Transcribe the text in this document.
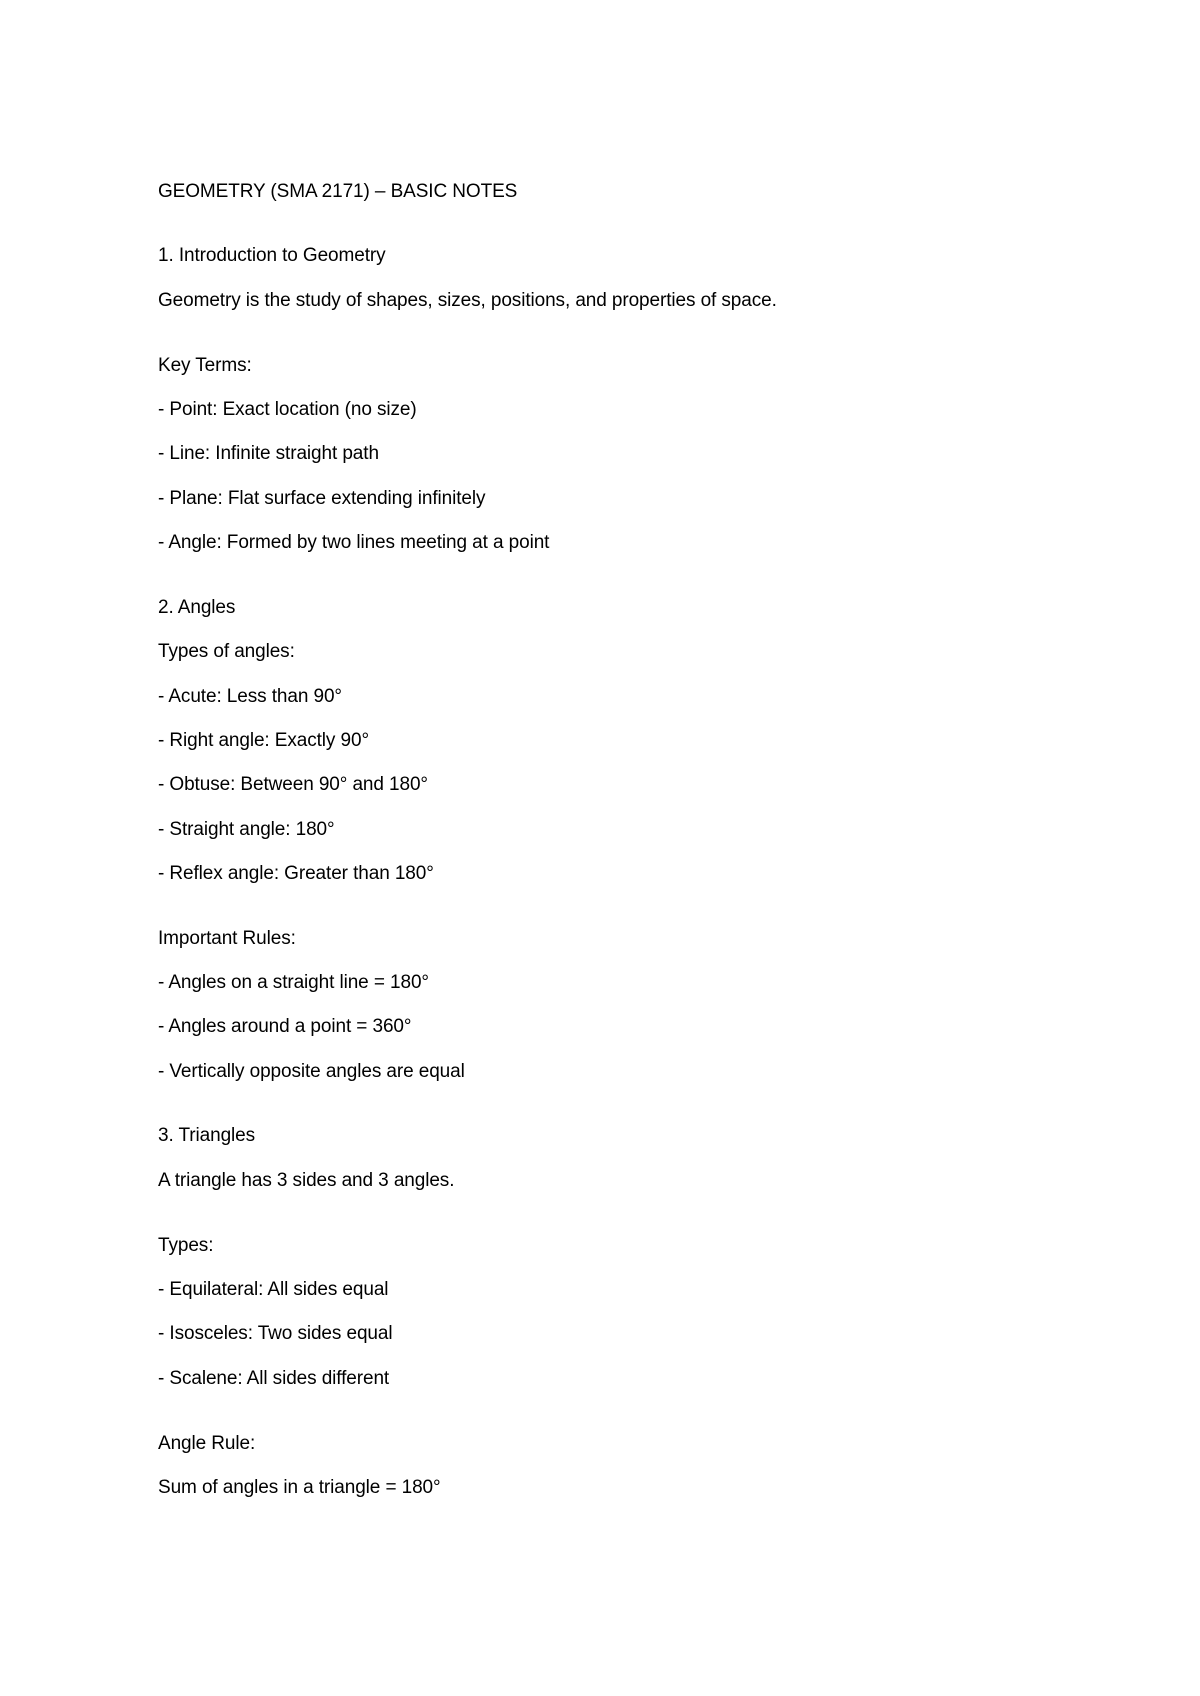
GEOMETRY (SMA 2171) – BASIC NOTES
1. Introduction to Geometry
Geometry is the study of shapes, sizes, positions, and properties of space.
Key Terms:
- Point: Exact location (no size)
- Line: Infinite straight path
- Plane: Flat surface extending infinitely
- Angle: Formed by two lines meeting at a point
2. Angles
Types of angles:
- Acute: Less than 90°
- Right angle: Exactly 90°
- Obtuse: Between 90° and 180°
- Straight angle: 180°
- Reflex angle: Greater than 180°
Important Rules:
- Angles on a straight line = 180°
- Angles around a point = 360°
- Vertically opposite angles are equal
3. Triangles
A triangle has 3 sides and 3 angles.
Types:
- Equilateral: All sides equal
- Isosceles: Two sides equal
- Scalene: All sides different
Angle Rule:
Sum of angles in a triangle = 180°
